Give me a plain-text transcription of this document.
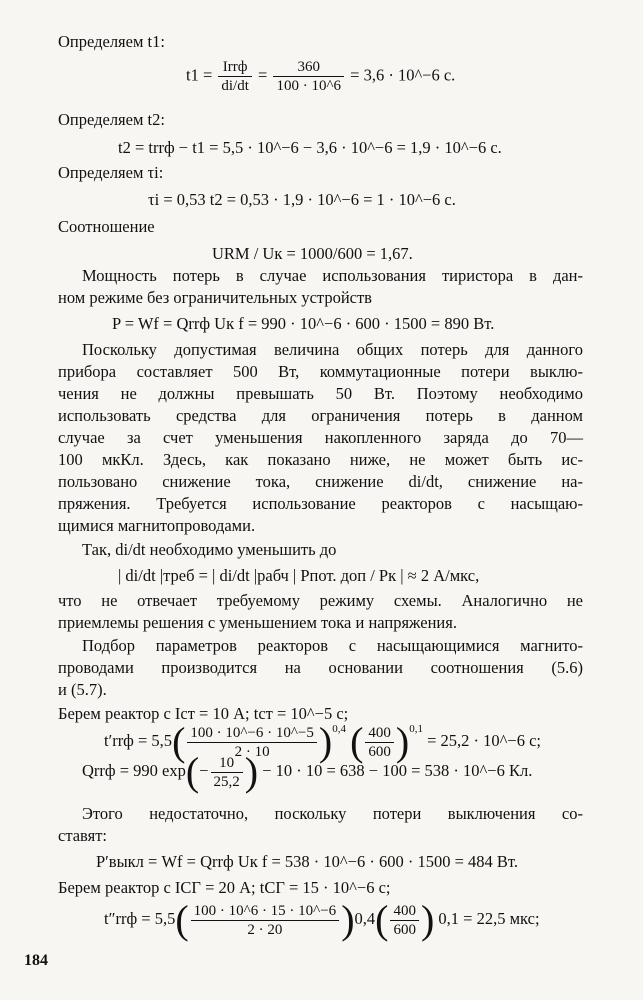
Определяем t1:
$t1 = \frac{\text{Irrф}}{di/dt} = \frac{360}{100 \cdot 10\^{}6} = 3,6$ · 10^−6 c.
Определяем t2:
t2 = trrф − t1 = 5,5 · 10^−6 − 3,6 · 10^−6 = 1,9 · 10^−6 c.
Определяем τi:
τi = 0,53 t2 = 0,53 · 1,9 · 10^−6 = 1 · 10^−6 c.
Соотношение
URM / Uк = 1000/600 = 1,67.
Мощность потерь в случае использования тиристора в дан-
ном режиме без ограничительных устройств
P = Wf = Qrrф Uк f = 990 · 10^−6 · 600 · 1500 = 890 Вт.
Поскольку допустимая величина общих потерь для данного
прибора составляет 500 Вт, коммутационные потери выклю-
чения не должны превышать 50 Вт. Поэтому необходимо
использовать средства для ограничения потерь в данном
случае за счет уменьшения накопленного заряда до 70—
100 мкКл. Здесь, как показано ниже, не может быть ис-
пользовано снижение тока, снижение di/dt, снижение на-
пряжения. Требуется использование реакторов с насыщаю-
щимися магнитопроводами.
Так, di/dt необходимо уменьшить до
| di/dt |треб = | di/dt |рабч | Pпот. доп / Pк | ≈ 2 А/мкс,
что не отвечает требуемому режиму схемы. Аналогично не
приемлемы решения с уменьшением тока и напряжения.
Подбор параметров реакторов с насыщающимися магнито-
проводами производится на основании соотношения (5.6)
и (5.7).
Берем реактор с Iст = 10 А; tст = 10^−5 с;
$t'rrф = 5,5( \frac{100 \cdot 10\^{}-6 \cdot 10\^{}-5}{2 \cdot 10} )^{0,4}$ ( $\frac{400}{600} )^{0,1} = 25,2$ · 10^−6 с;
Qrrф = 990 $\exp(- \frac{10}{25,2}$ ) − 10 · 10 = 638 − 100 = 538 · 10^−6 Кл.
Этого недостаточно, поскольку потери выключения со-
ставят:
P′выкл = Wf = Qrrф Uк f = 538 · 10^−6 · 600 · 1500 = 484 Вт.
Берем реактор с IСГ = 20 А; tСГ = 15 · 10^−6 с;
$t''rrф = 5,5( \frac{100 \cdot 10\^{}6 \cdot 15 \cdot 10\^{}-6}{2 \cdot 20} )0,4( \frac{400}{600}$ ) 0,1 = 22,5 мкс;
184
